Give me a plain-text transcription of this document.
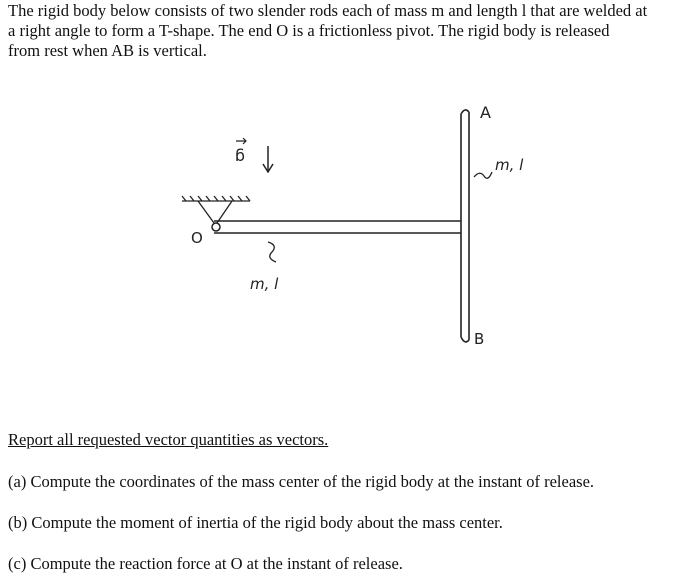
The rigid body below consists of two slender rods each of mass m and length l that are welded at

a right angle to form a T-shape. The end O is a frictionless pivot. The rigid body is released

from rest when AB is vertical.

g
A
B
O
m, l
m, l
Report all requested vector quantities as vectors.

(a) Compute the coordinates of the mass center of the rigid body at the instant of release.

(b) Compute the moment of inertia of the rigid body about the mass center.

(c) Compute the reaction force at O at the instant of release.
